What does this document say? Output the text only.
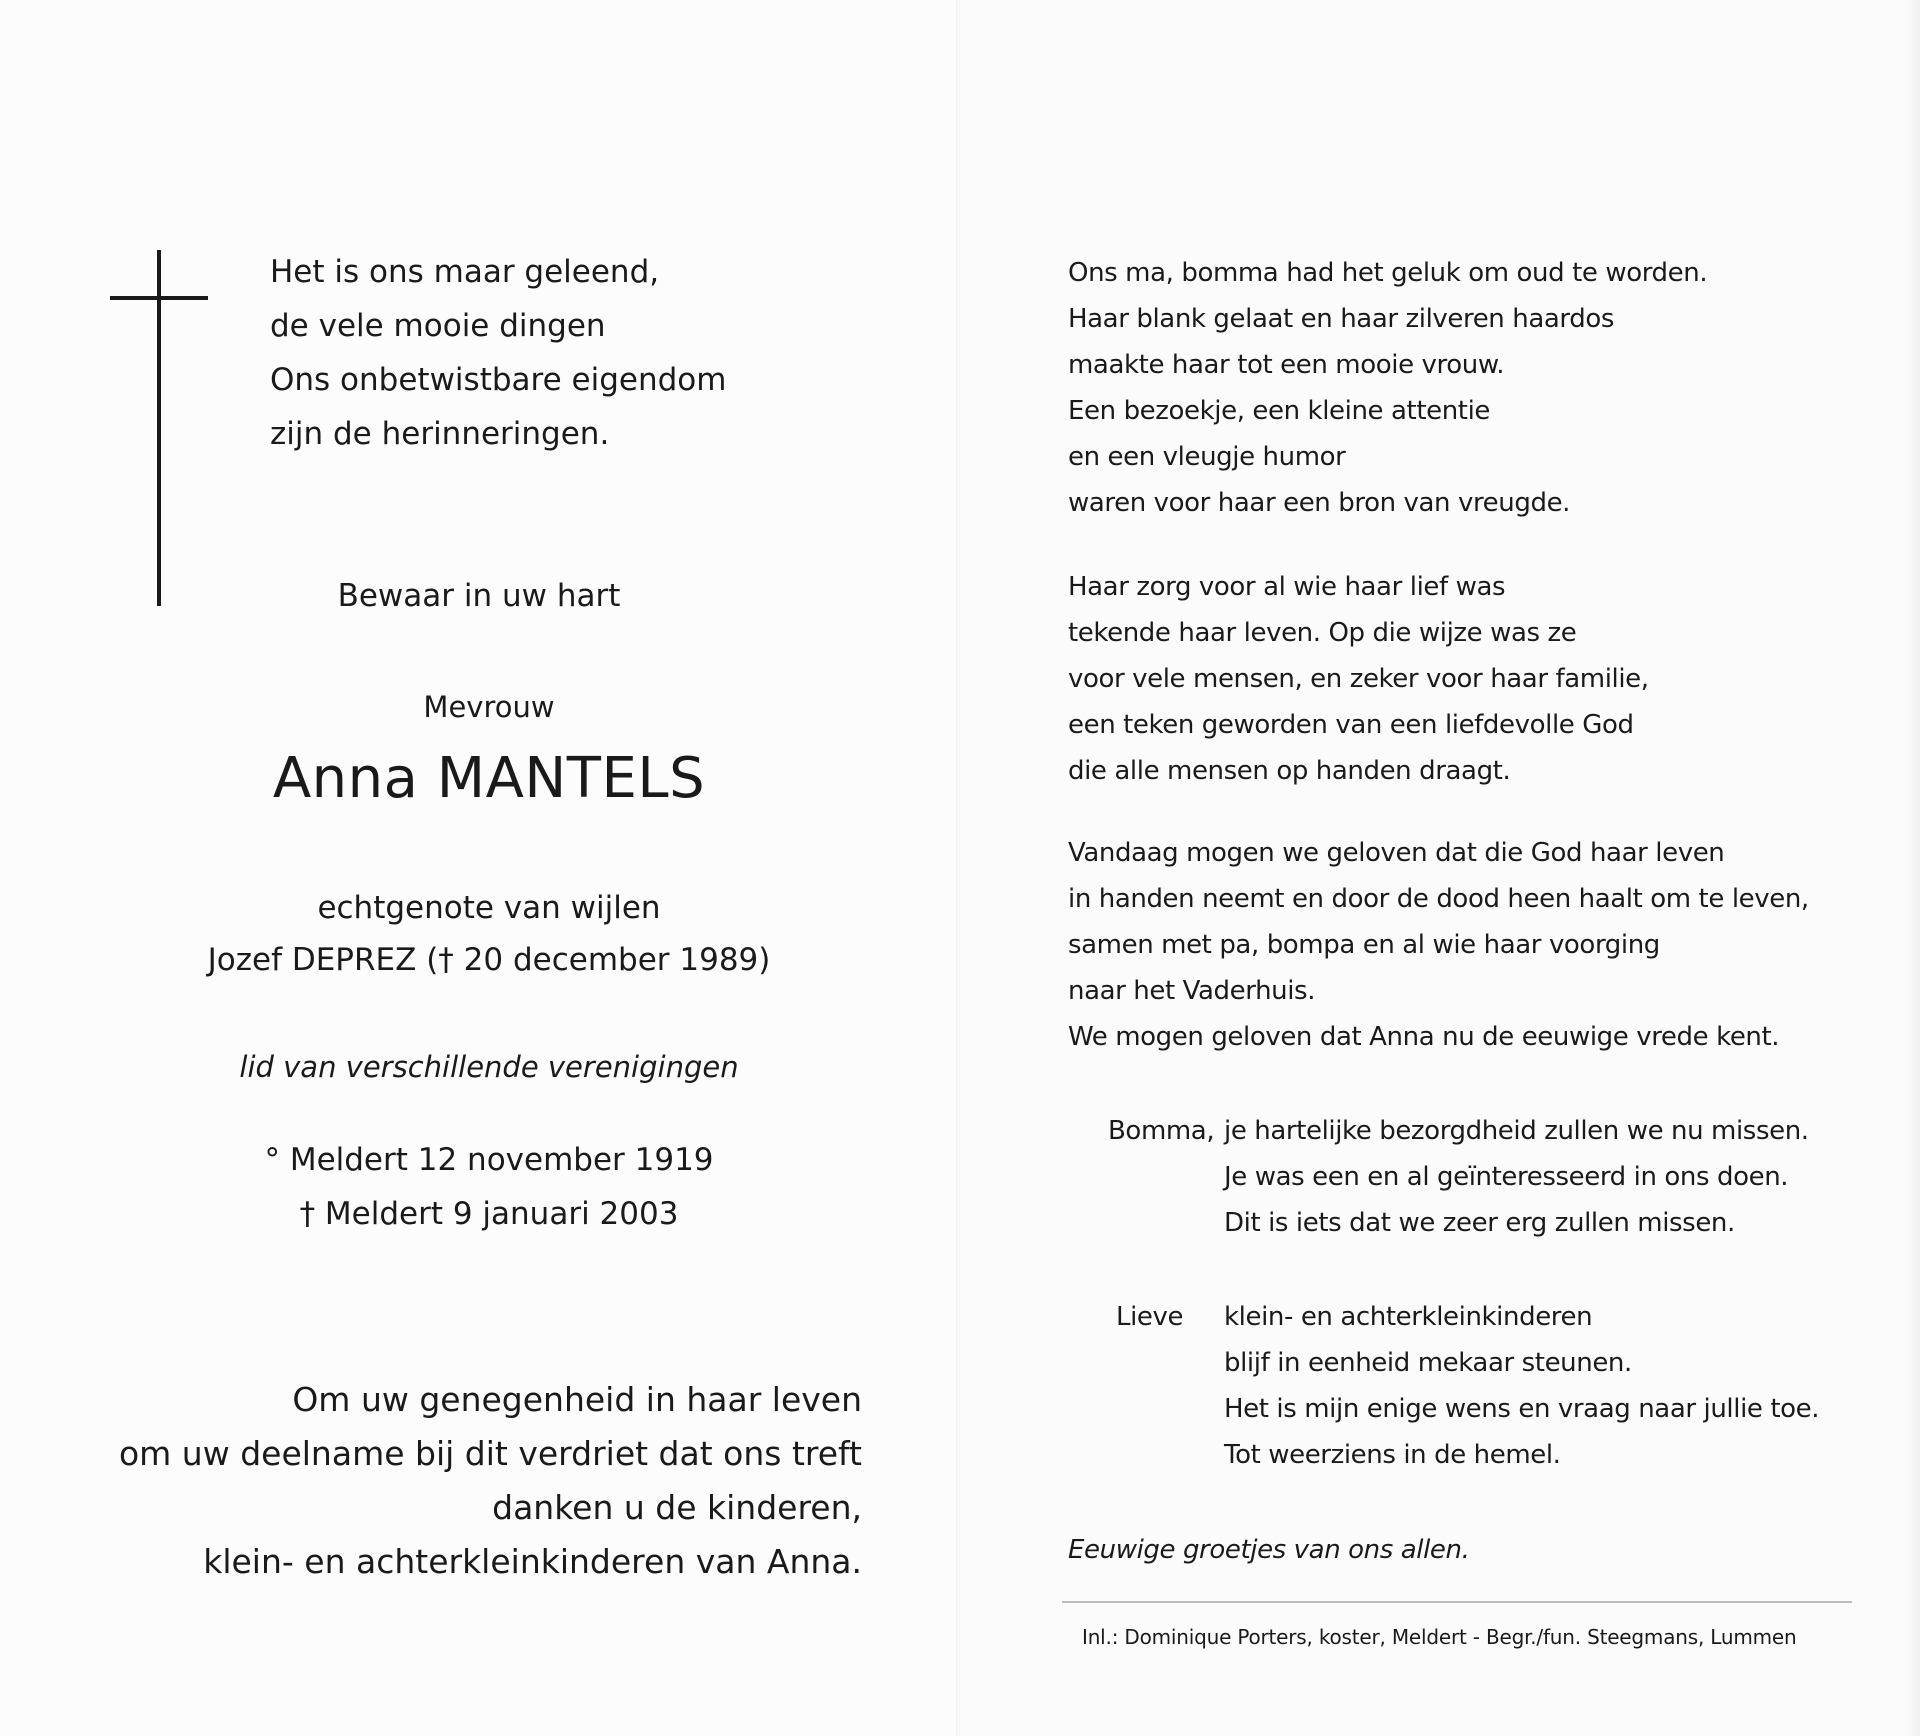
Het is ons maar geleend,
de vele mooie dingen
Ons onbetwistbare eigendom
zijn de herinneringen.
Bewaar in uw hart
Mevrouw
Anna MANTELS
echtgenote van wijlen
Jozef DEPREZ († 20 december 1989)
lid van verschillende verenigingen
° Meldert 12 november 1919
† Meldert 9 januari 2003
Om uw genegenheid in haar leven
om uw deelname bij dit verdriet dat ons treft
danken u de kinderen,
klein- en achterkleinkinderen van Anna.
Ons ma, bomma had het geluk om oud te worden.
Haar blank gelaat en haar zilveren haardos
maakte haar tot een mooie vrouw.
Een bezoekje, een kleine attentie
en een vleugje humor
waren voor haar een bron van vreugde.
Haar zorg voor al wie haar lief was
tekende haar leven. Op die wijze was ze
voor vele mensen, en zeker voor haar familie,
een teken geworden van een liefdevolle God
die alle mensen op handen draagt.
Vandaag mogen we geloven dat die God haar leven
in handen neemt en door de dood heen haalt om te leven,
samen met pa, bompa en al wie haar voorging
naar het Vaderhuis.
We mogen geloven dat Anna nu de eeuwige vrede kent.
Bomma, je hartelijke bezorgdheid zullen we nu missen.
Je was een en al geïnteresseerd in ons doen.
Dit is iets dat we zeer erg zullen missen.
Lieve klein- en achterkleinkinderen
blijf in eenheid mekaar steunen.
Het is mijn enige wens en vraag naar jullie toe.
Tot weerziens in de hemel.
Eeuwige groetjes van ons allen.
Inl.: Dominique Porters, koster, Meldert - Begr./fun. Steegmans, Lummen
